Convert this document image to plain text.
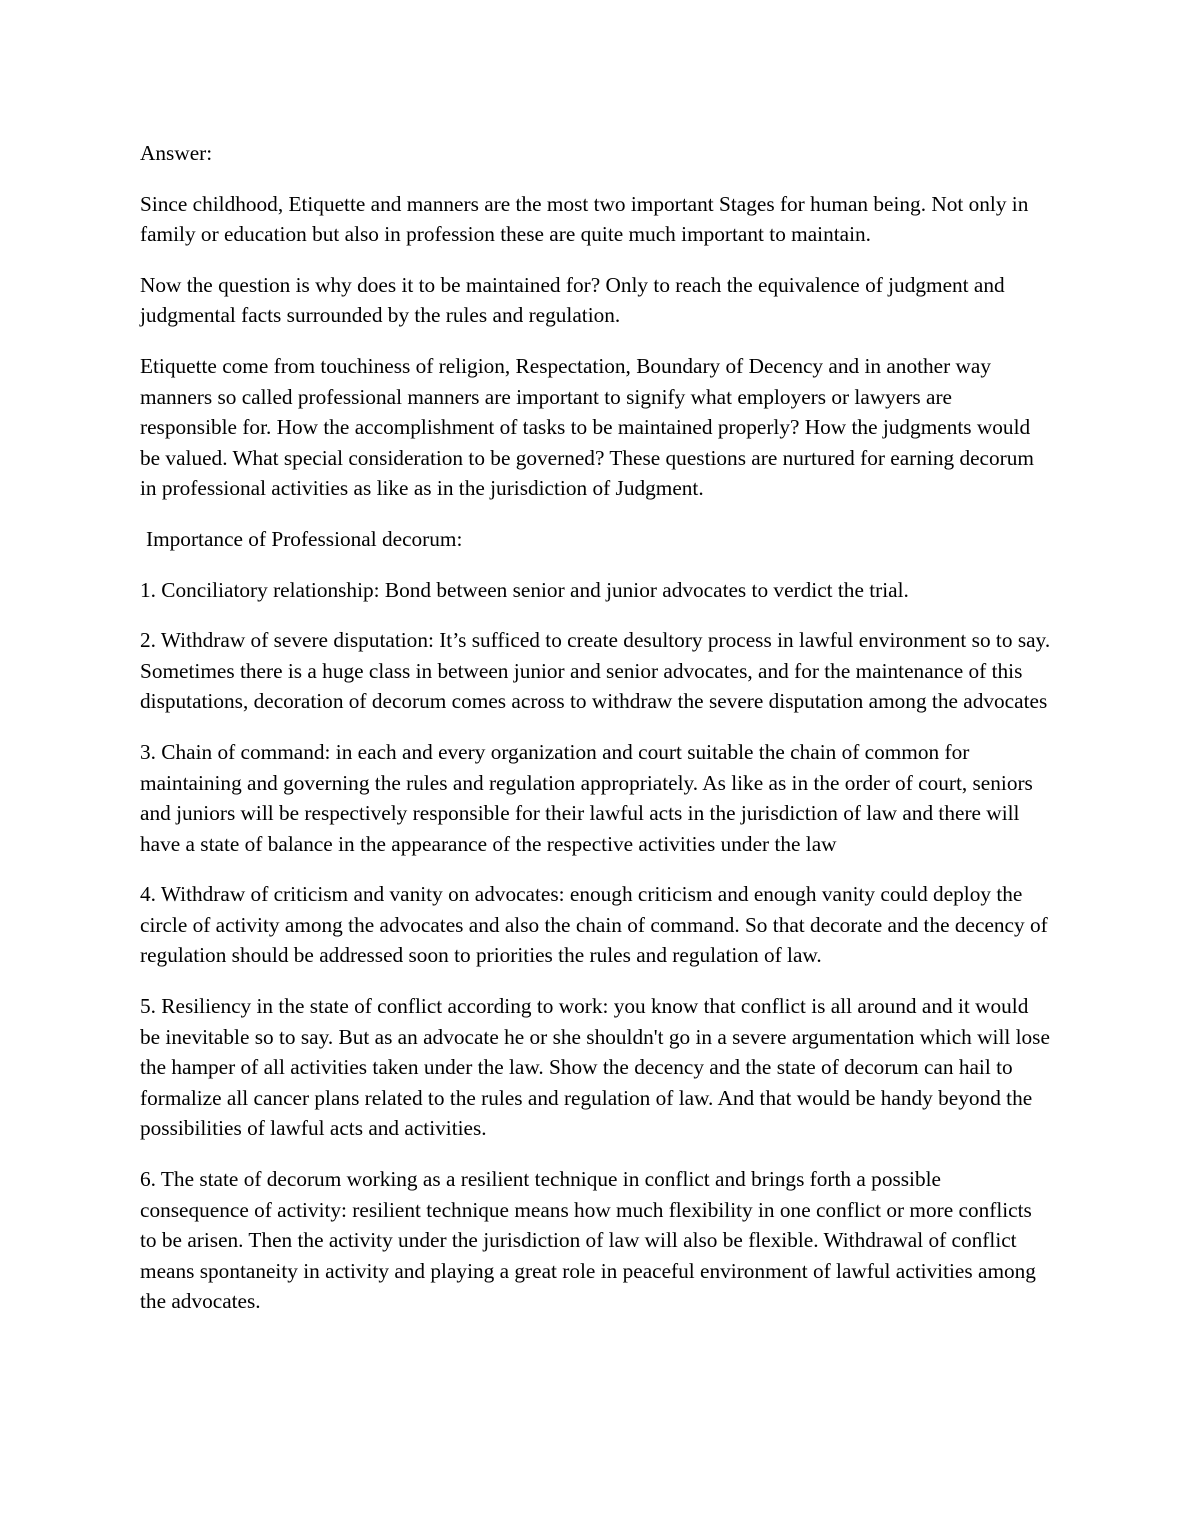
Answer:

Since childhood, Etiquette and manners are the most two important Stages for human being. Not only in family or education but also in profession these are quite much important to maintain.

Now the question is why does it to be maintained for? Only to reach the equivalence of judgment and judgmental facts surrounded by the rules and regulation.

Etiquette come from touchiness of religion, Respectation, Boundary of Decency and in another way manners so called professional manners are important to signify what employers or lawyers are responsible for. How the accomplishment of tasks to be maintained properly? How the judgments would be valued. What special consideration to be governed? These questions are nurtured for earning decorum in professional activities as like as in the jurisdiction of Judgment.

Importance of Professional decorum:

1. Conciliatory relationship: Bond between senior and junior advocates to verdict the trial.

2. Withdraw of severe disputation: It’s sufficed to create desultory process in lawful environment so to say. Sometimes there is a huge class in between junior and senior advocates, and for the maintenance of this disputations, decoration of decorum comes across to withdraw the severe disputation among the advocates

3. Chain of command: in each and every organization and court suitable the chain of common for maintaining and governing the rules and regulation appropriately. As like as in the order of court, seniors and juniors will be respectively responsible for their lawful acts in the jurisdiction of law and there will have a state of balance in the appearance of the respective activities under the law

4. Withdraw of criticism and vanity on advocates: enough criticism and enough vanity could deploy the circle of activity among the advocates and also the chain of command. So that decorate and the decency of regulation should be addressed soon to priorities the rules and regulation of law.

5. Resiliency in the state of conflict according to work: you know that conflict is all around and it would be inevitable so to say. But as an advocate he or she shouldn't go in a severe argumentation which will lose the hamper of all activities taken under the law. Show the decency and the state of decorum can hail to formalize all cancer plans related to the rules and regulation of law. And that would be handy beyond the possibilities of lawful acts and activities.

6. The state of decorum working as a resilient technique in conflict and brings forth a possible consequence of activity: resilient technique means how much flexibility in one conflict or more conflicts to be arisen. Then the activity under the jurisdiction of law will also be flexible. Withdrawal of conflict means spontaneity in activity and playing a great role in peaceful environment of lawful activities among the advocates.
